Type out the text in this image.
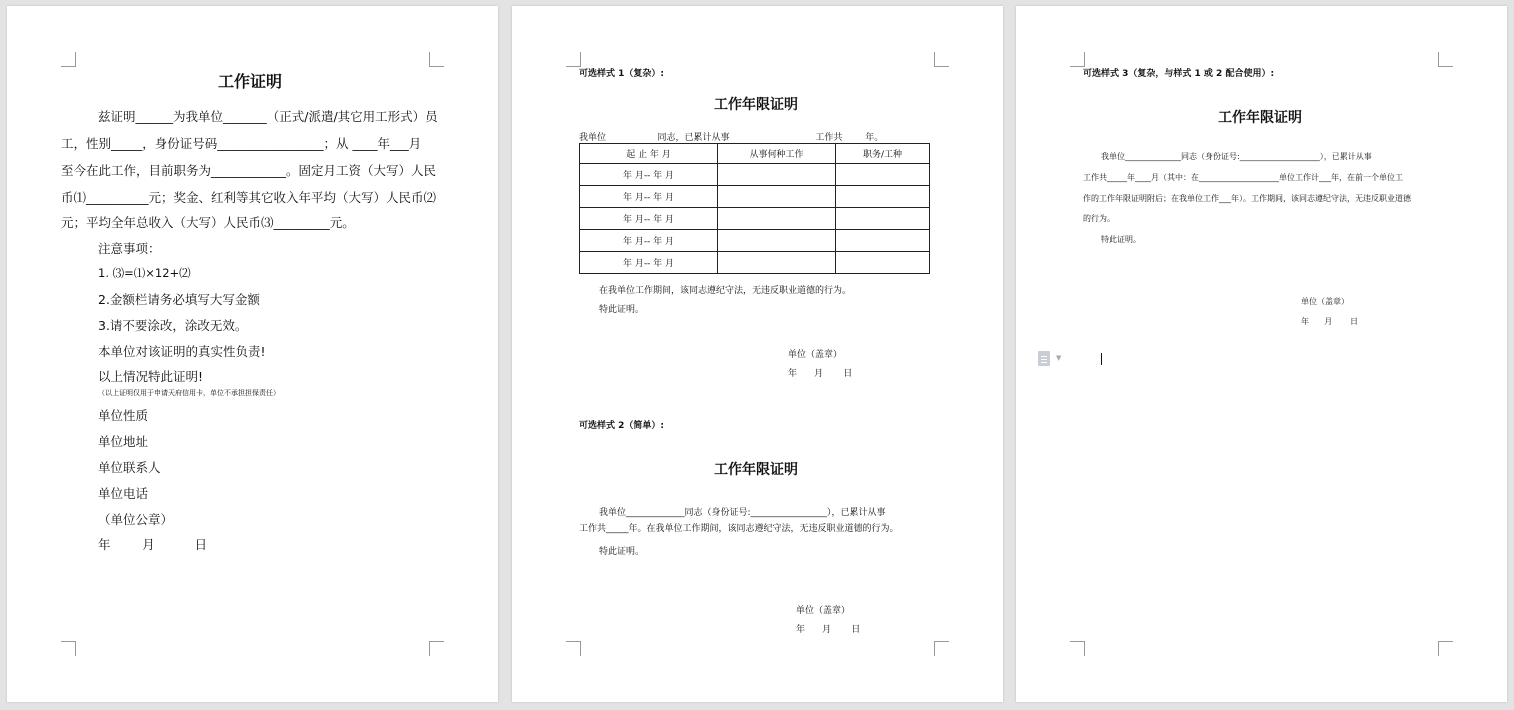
工作证明
兹证明______为我单位_______（正式/派遣/其它用工形式）员
工，性别_____，身份证号码_________________；从 ____年___月
至今在此工作，目前职务为____________。固定月工资（大写）人民
币⑴__________元；奖金、红利等其它收入年平均（大写）人民币⑵
元；平均全年总收入（大写）人民币⑶_________元。
注意事项：
1. ⑶=⑴×12+⑵
2.金额栏请务必填写大写金额
3.请不要涂改，涂改无效。
本单位对该证明的真实性负责!
以上情况特此证明!
（以上证明仅用于申请天府信用卡，单位不承担担保责任）
单位性质
单位地址
单位联系人
单位电话
（单位公章）
年        月          日
可选样式 1（复杂）:
工作年限证明
我单位                  同志，已累计从事                              工作共        年。
起 止 年 月	从事何种工作	职务/工种
年 月-- 年 月		
年 月-- 年 月		
年 月-- 年 月		
年 月-- 年 月		
年 月-- 年 月		
在我单位工作期间，该同志遵纪守法，无违反职业道德的行为。
特此证明。
单位（盖章）
年      月       日
可选样式 2（简单）:
工作年限证明
我单位_____________同志（身份证号:_________________），已累计从事
工作共_____年。在我单位工作期间，该同志遵纪守法，无违反职业道德的行为。
特此证明。
单位（盖章）
年      月       日
可选样式 3（复杂，与样式 1 或 2 配合使用）:
工作年限证明
我单位______________同志（身份证号:____________________），已累计从事
工作共_____年____月（其中：在____________________单位工作计___年，在前一个单位工
作的工作年限证明附后；在我单位工作___年）。工作期间，该同志遵纪守法，无违反职业道德
的行为。
特此证明。
单位（盖章）
年      月       日
▼
